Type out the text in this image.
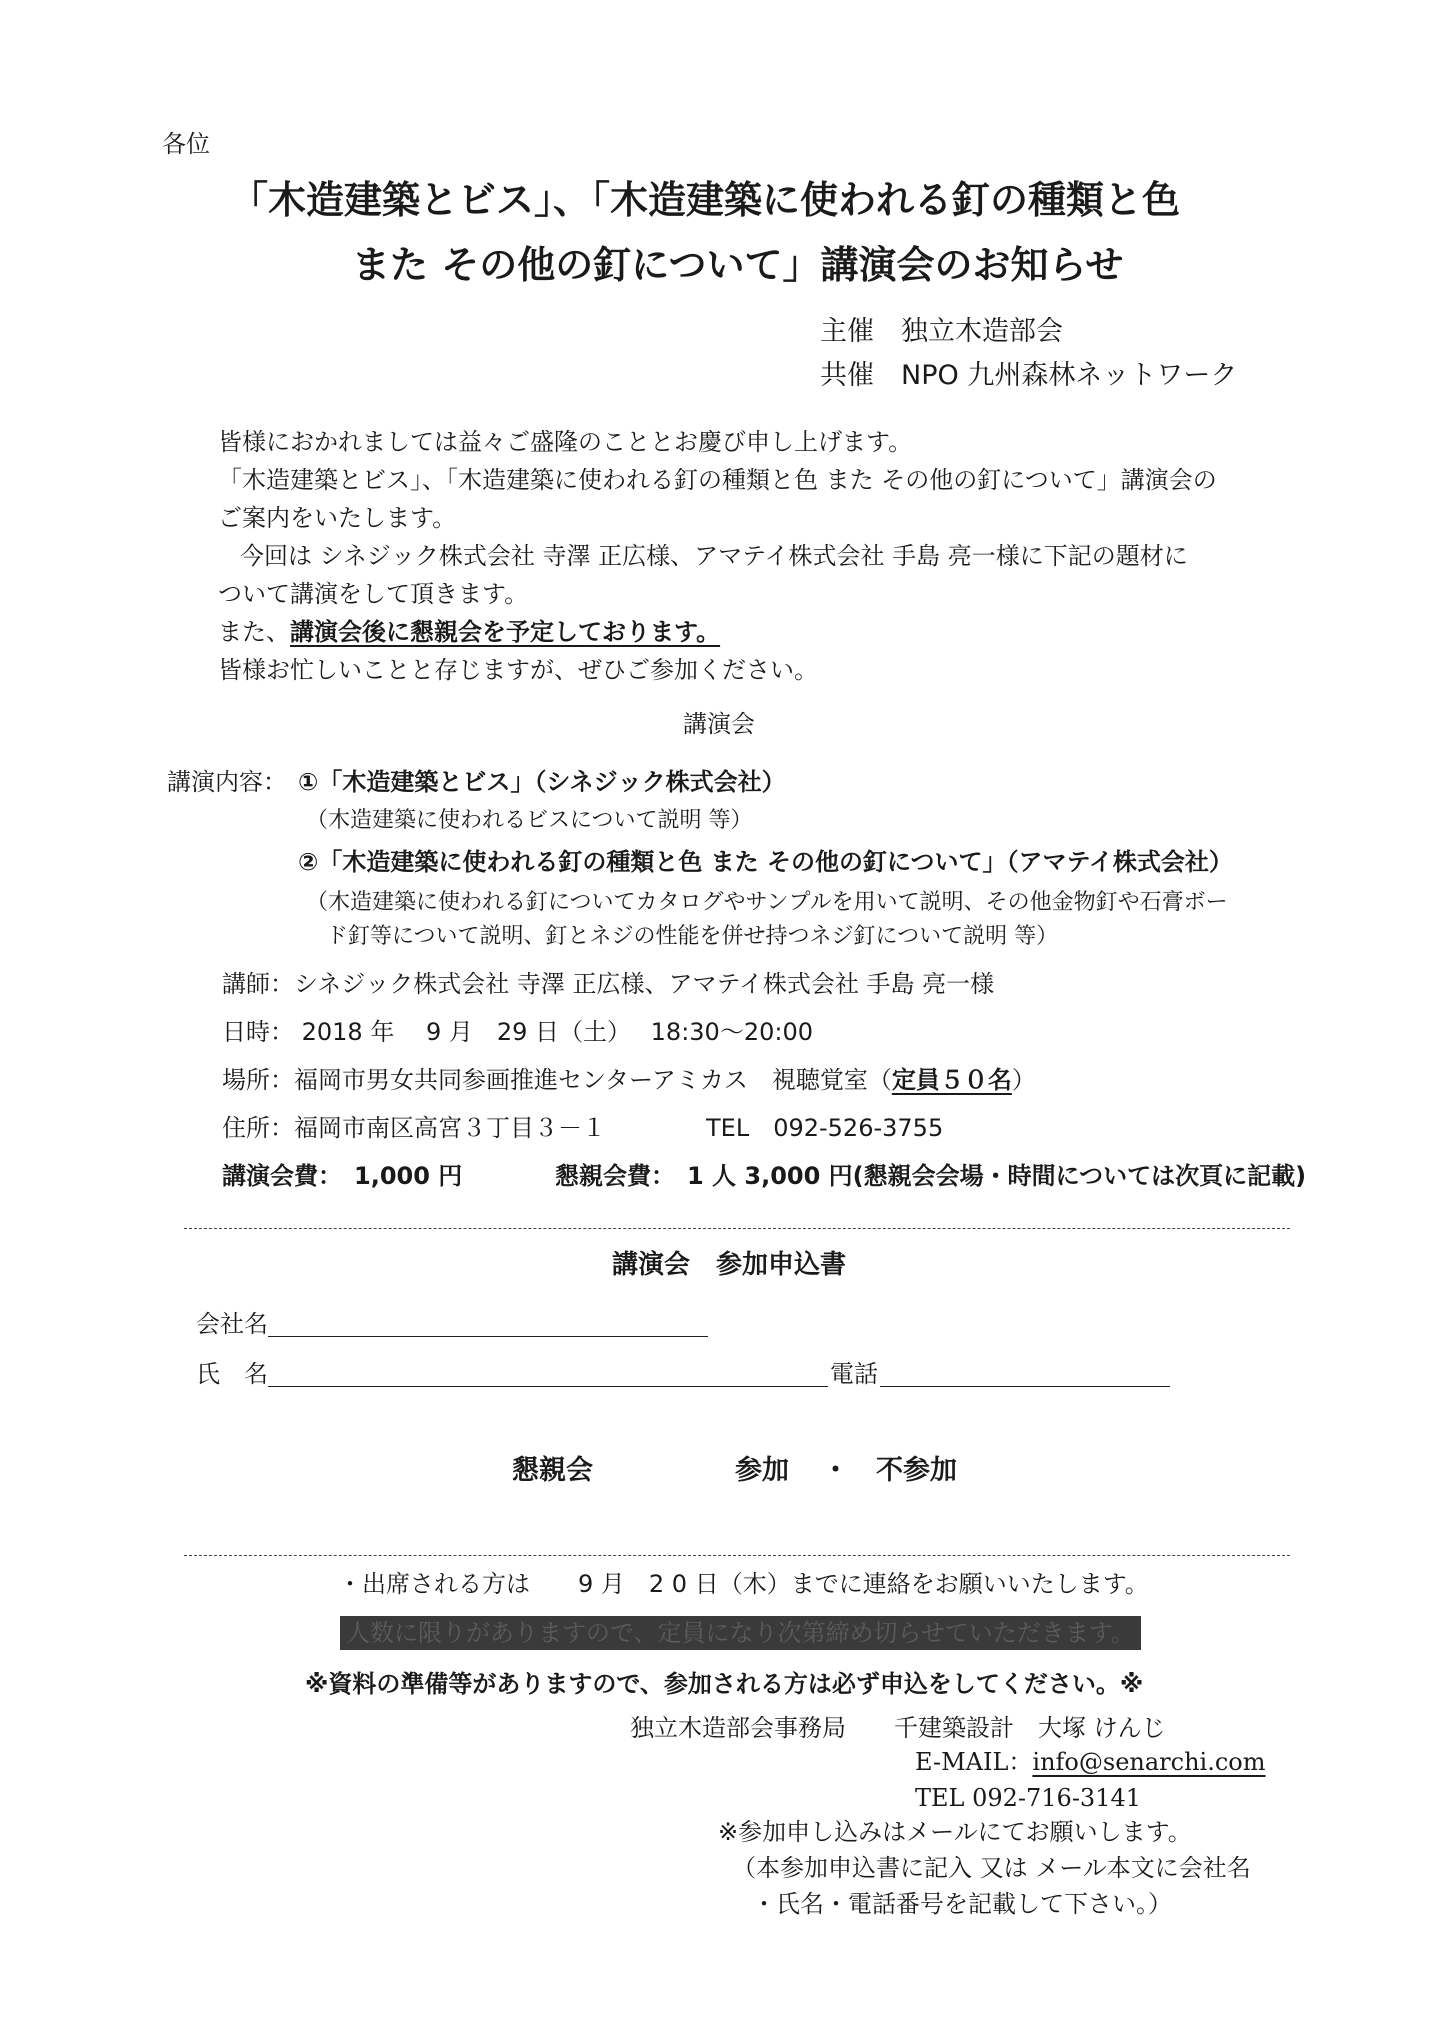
各位
「木造建築とビス」、「木造建築に使われる釘の種類と色
また その他の釘について」講演会のお知らせ
主催　独立木造部会
共催　NPO 九州森林ネットワーク
皆様におかれましては益々ご盛隆のこととお慶び申し上げます。
「木造建築とビス」、「木造建築に使われる釘の種類と色 また その他の釘について」講演会の
ご案内をいたします。
今回は シネジック株式会社 寺澤 正広様、アマテイ株式会社 手島 亮一様に下記の題材に
ついて講演をして頂きます。
また、講演会後に懇親会を予定しております。
皆様お忙しいことと存じますが、ぜひご参加ください。
講演会
講演内容： ①「木造建築とビス」（シネジック株式会社）
（木造建築に使われるビスについて説明 等）
②「木造建築に使われる釘の種類と色 また その他の釘について」（アマテイ株式会社）
（木造建築に使われる釘についてカタログやサンプルを用いて説明、その他金物釘や石膏ボー
ド釘等について説明、釘とネジの性能を併せ持つネジ釘について説明 等）
講師：シネジック株式会社 寺澤 正広様、アマテイ株式会社 手島 亮一様
日時： 2018 年　 9 月　29 日（土）　 18:30～20:00
場所：福岡市男女共同参画推進センターアミカス　視聴覚室（定員５０名）
住所：福岡市南区高宮３丁目３－１	TEL　092-526-3755
講演会費：　1,000 円	懇親会費：　1 人 3,000 円(懇親会会場・時間については次頁に記載)
講演会　参加申込書
会社名
氏　名	電話
懇親会	参加 ・ 不参加
・出席される方は　　9 月　2 0 日（木）までに連絡をお願いいたします。
人数に限りがありますので、定員になり次第締め切らせていただきます。
※資料の準備等がありますので、参加される方は必ず申込をしてください。※
独立木造部会事務局　　千建築設計　大塚 けんじ
E-MAIL：info@senarchi.com
TEL 092-716-3141
※参加申し込みはメールにてお願いします。
（本参加申込書に記入 又は メール本文に会社名
・氏名・電話番号を記載して下さい。）
